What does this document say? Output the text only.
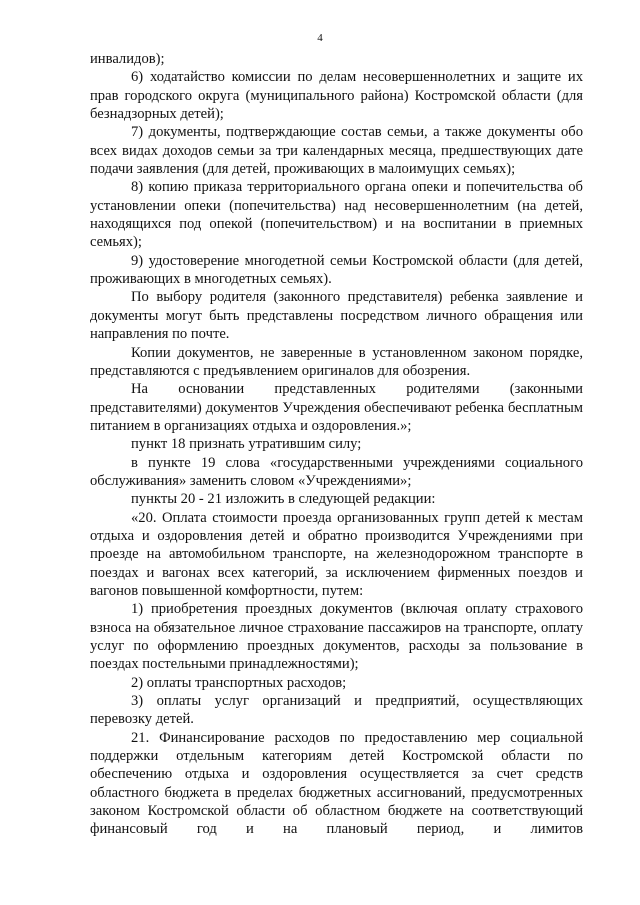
4

инвалидов);

6) ходатайство комиссии по делам несовершеннолетних и защите их прав городского округа (муниципального района) Костромской области (для безнадзорных детей);

7) документы, подтверждающие состав семьи, а также документы обо всех видах доходов семьи за три календарных месяца, предшествующих дате подачи заявления (для детей, проживающих в малоимущих семьях);

8) копию приказа территориального органа опеки и попечительства об установлении опеки (попечительства) над несовершеннолетним (на детей, находящихся под опекой (попечительством) и на воспитании в приемных семьях);

9) удостоверение многодетной семьи Костромской области (для детей, проживающих в многодетных семьях).

По выбору родителя (законного представителя) ребенка заявление и документы могут быть представлены посредством личного обращения или направления по почте.

Копии документов, не заверенные в установленном законом порядке, представляются с предъявлением оригиналов для обозрения.

На основании представленных родителями (законными представителями) документов Учреждения обеспечивают ребенка бесплатным питанием в организациях отдыха и оздоровления.»;

пункт 18 признать утратившим силу;

в пункте 19 слова «государственными учреждениями социального обслуживания» заменить словом «Учреждениями»;

пункты 20 - 21 изложить в следующей редакции:

«20. Оплата стоимости проезда организованных групп детей к местам отдыха и оздоровления детей и обратно производится Учреждениями при проезде на автомобильном транспорте, на железнодорожном транспорте в поездах и вагонах всех категорий, за исключением фирменных поездов и вагонов повышенной комфортности, путем:

1) приобретения проездных документов (включая оплату страхового взноса на обязательное личное страхование пассажиров на транспорте, оплату услуг по оформлению проездных документов, расходы за пользование в поездах постельными принадлежностями);

2) оплаты транспортных расходов;

3) оплаты услуг организаций и предприятий, осуществляющих перевозку детей.

21. Финансирование расходов по предоставлению мер социальной поддержки отдельным категориям детей Костромской области по обеспечению отдыха и оздоровления осуществляется за счет средств областного бюджета в пределах бюджетных ассигнований, предусмотренных законом Костромской области об областном бюджете на соответствующий финансовый год и на плановый период, и лимитов
